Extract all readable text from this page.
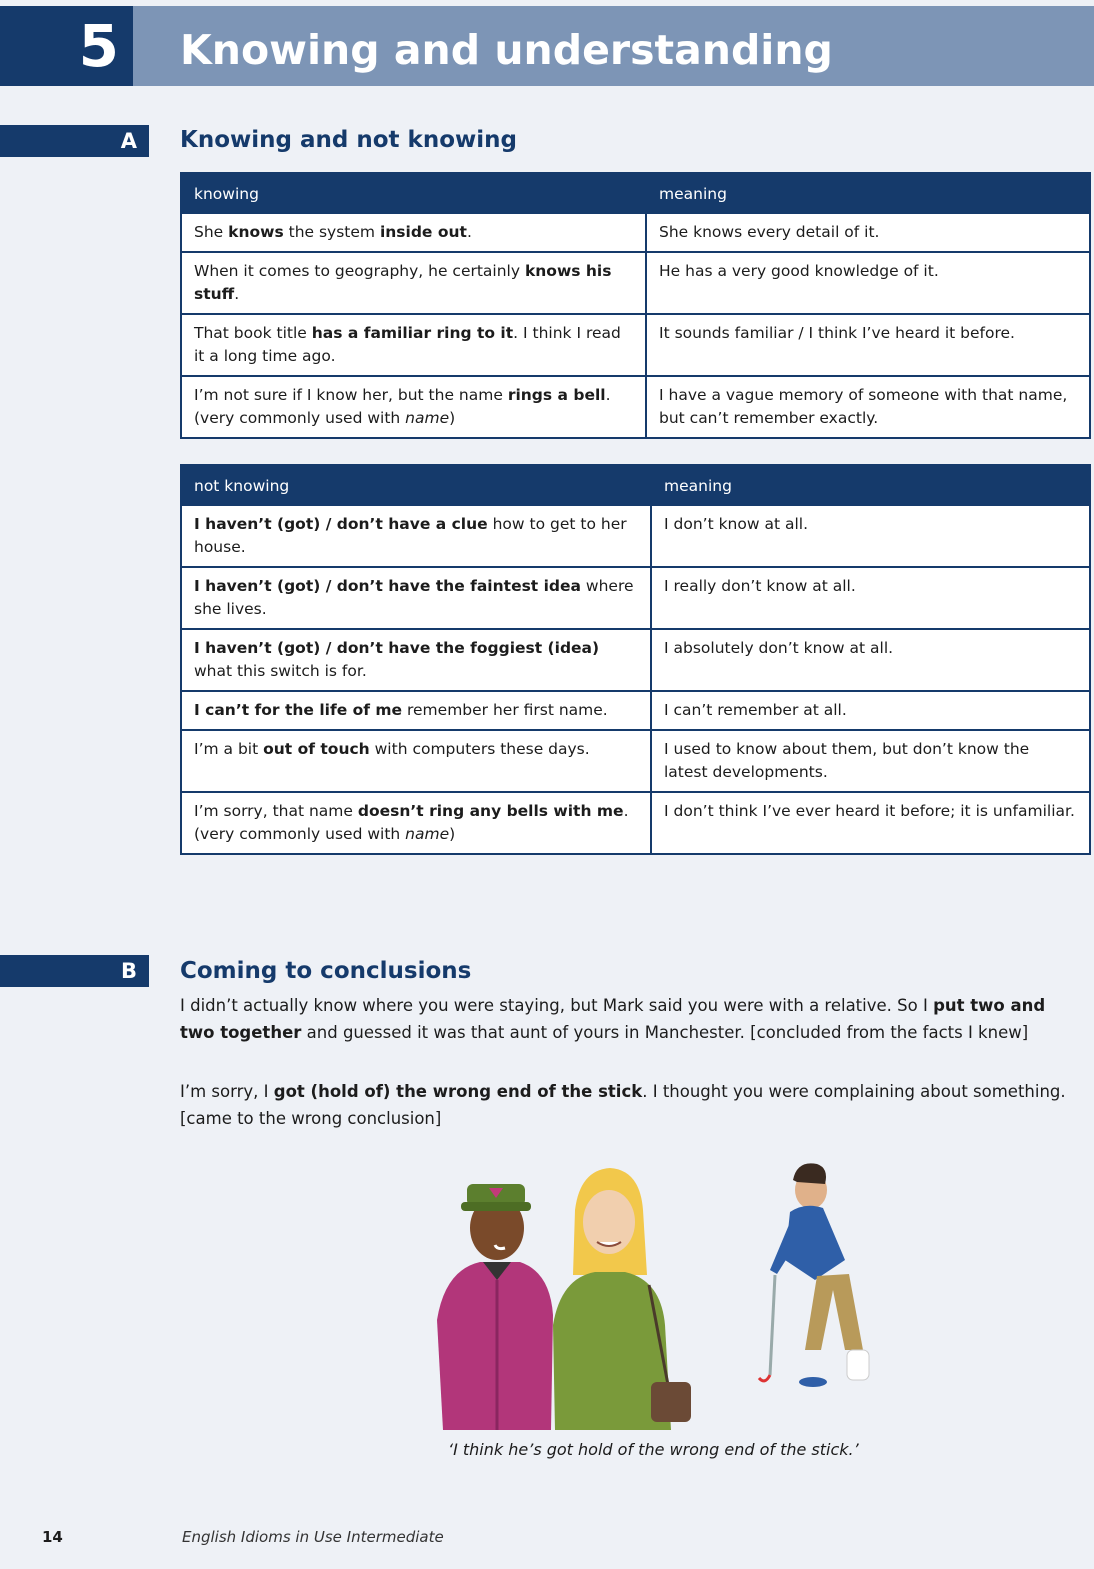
5	Knowing and understanding
A	Knowing and not knowing
knowing	meaning
She knows the system inside out.	She knows every detail of it.
When it comes to geography, he certainly knows his stuff.	He has a very good knowledge of it.
That book title has a familiar ring to it. I think I read it a long time ago.	It sounds familiar / I think I’ve heard it before.
I’m not sure if I know her, but the name rings a bell. (very commonly used with name)	I have a vague memory of someone with that name, but can’t remember exactly.
not knowing	meaning
I haven’t (got) / don’t have a clue how to get to her house.	I don’t know at all.
I haven’t (got) / don’t have the faintest idea where she lives.	I really don’t know at all.
I haven’t (got) / don’t have the foggiest (idea) what this switch is for.	I absolutely don’t know at all.
I can’t for the life of me remember her first name.	I can’t remember at all.
I’m a bit out of touch with computers these days.	I used to know about them, but don’t know the latest developments.
I’m sorry, that name doesn’t ring any bells with me. (very commonly used with name)	I don’t think I’ve ever heard it before; it is unfamiliar.
B	Coming to conclusions
I didn’t actually know where you were staying, but Mark said you were with a relative. So I put two and two together and guessed it was that aunt of yours in Manchester. [concluded from the facts I knew]
I’m sorry, I got (hold of) the wrong end of the stick. I thought you were complaining about something. [came to the wrong conclusion]
‘I think he’s got hold of the wrong end of the stick.’
14	English Idioms in Use Intermediate
